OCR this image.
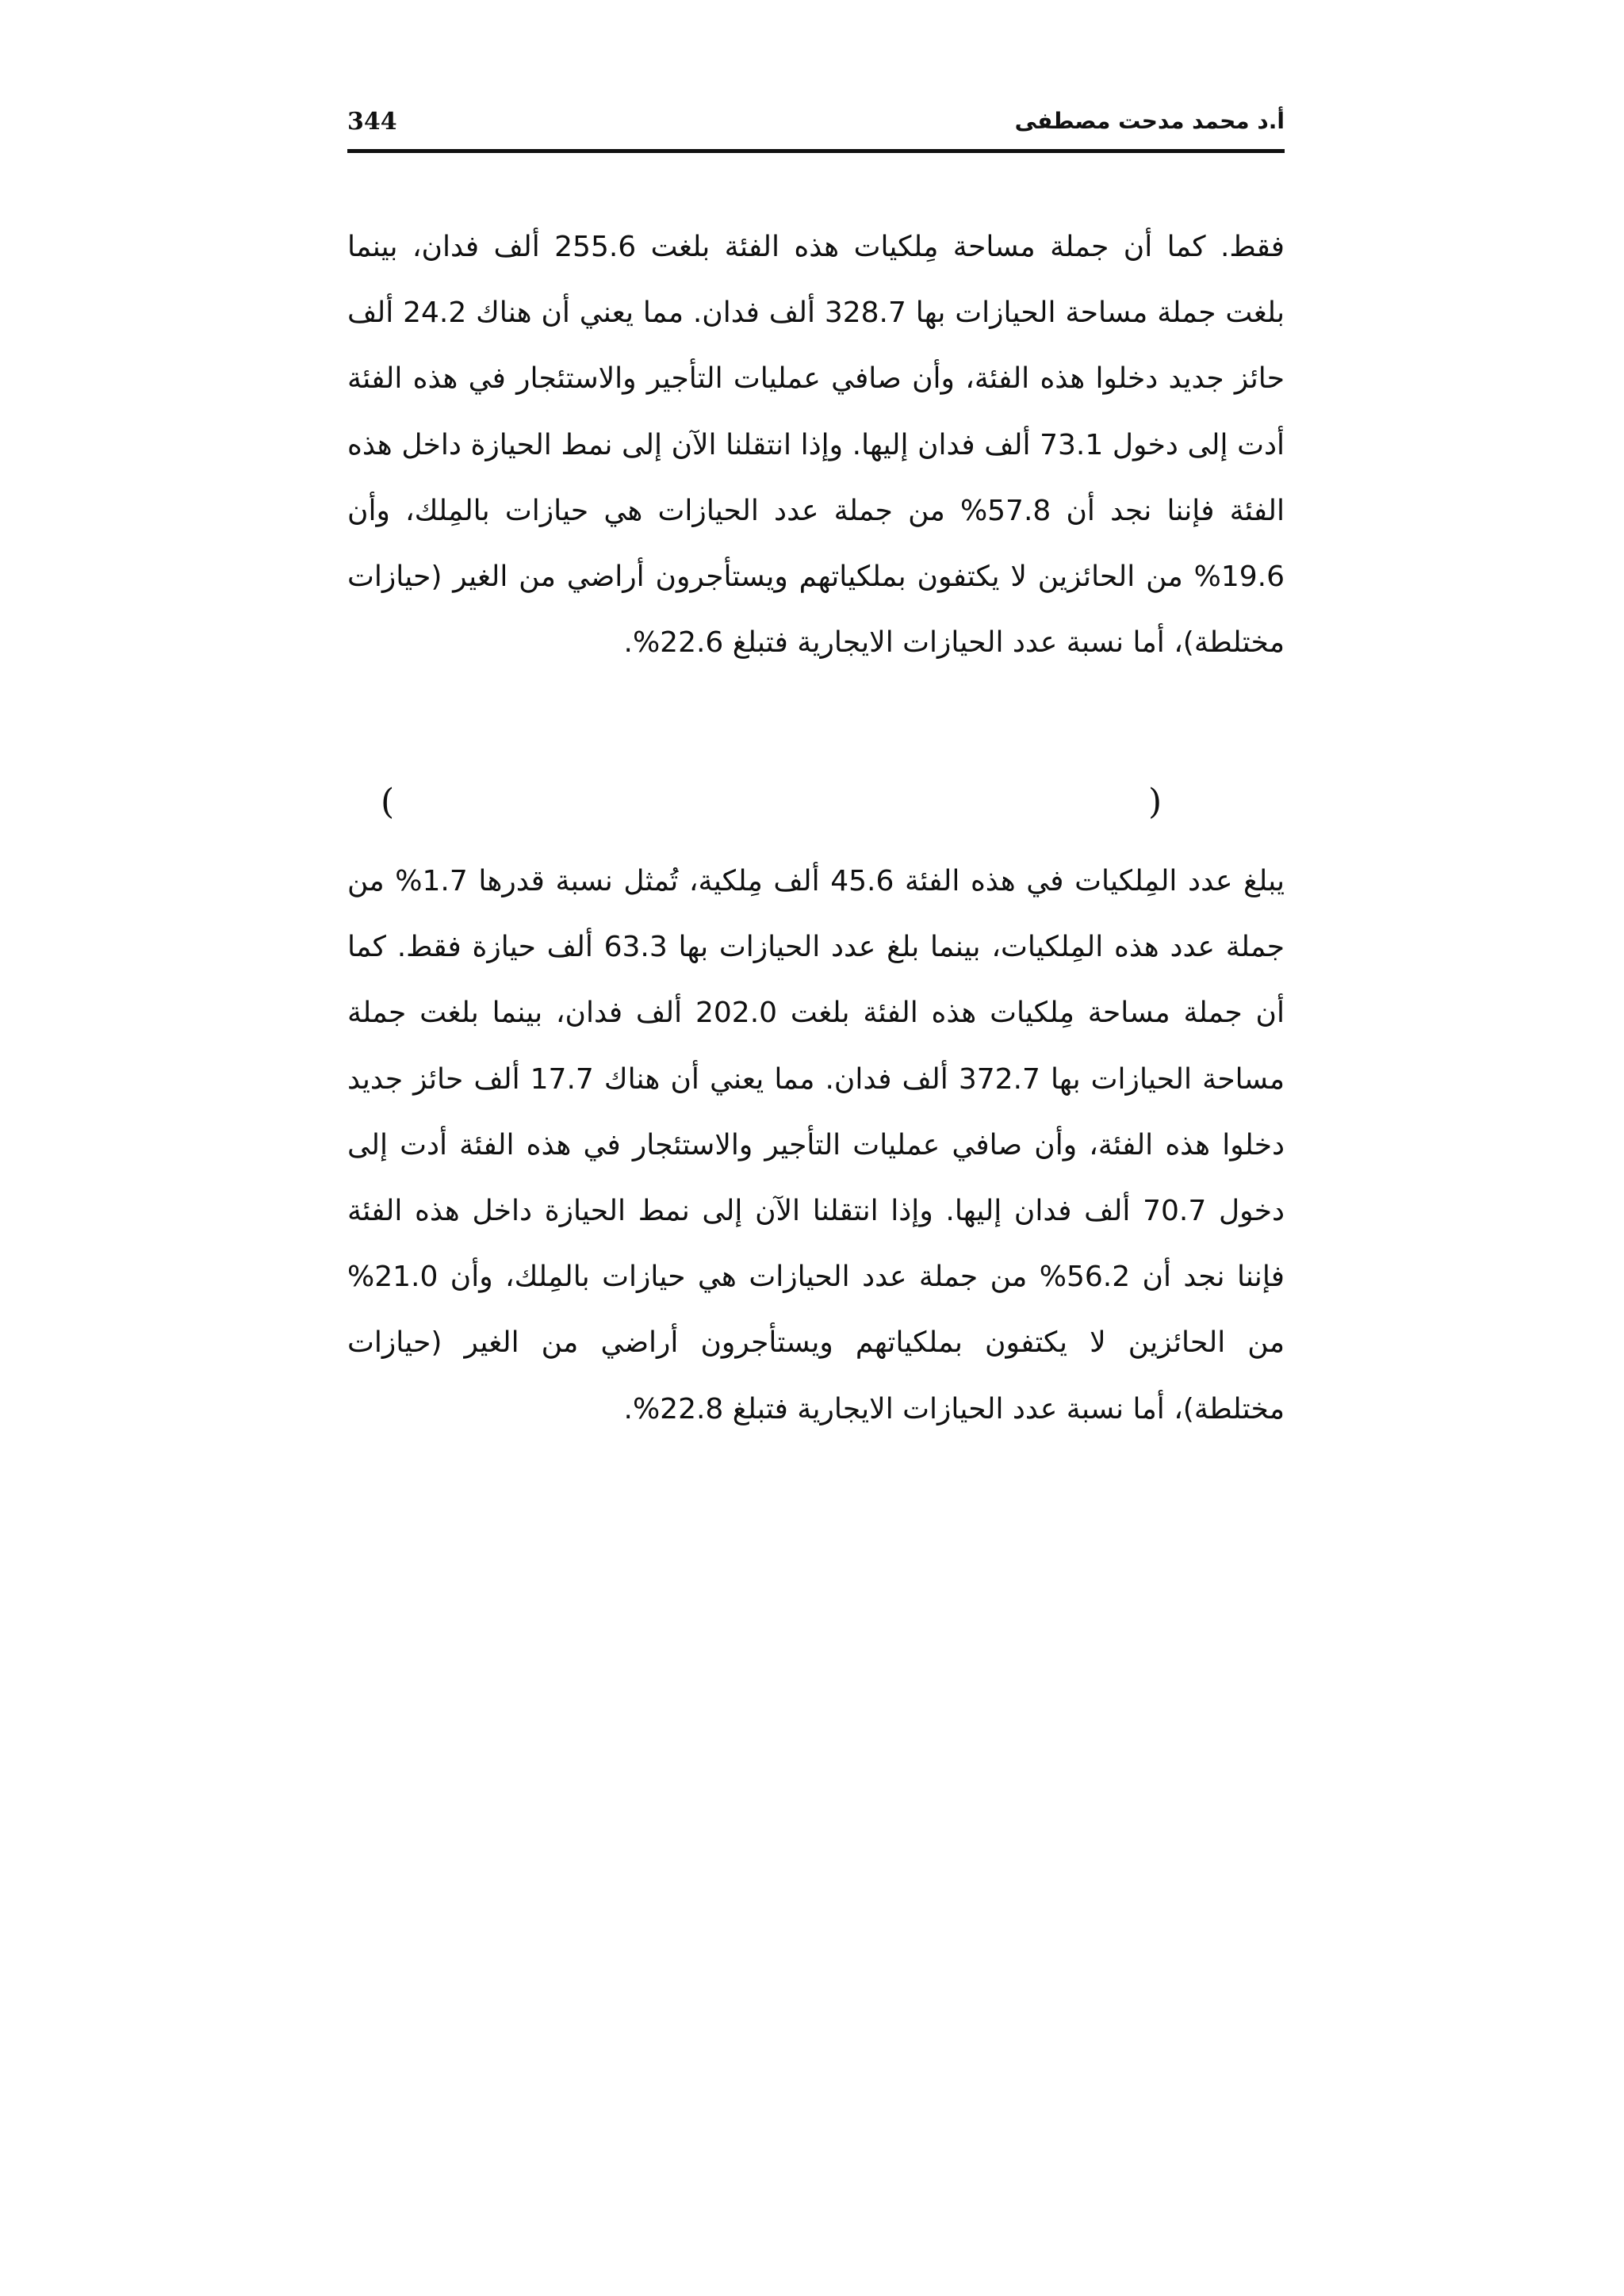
344	أ.د محمد مدحت مصطفى

فقط. كما أن جملة مساحة مِلكيات هذه الفئة بلغت 255.6 ألف فدان، بينما بلغت جملة مساحة الحيازات بها 328.7 ألف فدان. مما يعني أن هناك 24.2 ألف حائز جديد دخلوا هذه الفئة، وأن صافي عمليات التأجير والاستئجار في هذه الفئة أدت إلى دخول 73.1 ألف فدان إليها. وإذا انتقلنا الآن إلى نمط الحيازة داخل هذه الفئة فإننا نجد أن 57.8% من جملة عدد الحيازات هي حيازات بالمِلك، وأن 19.6% من الحائزين لا يكتفون بملكياتهم ويستأجرون أراضي من الغير (حيازات مختلطة)، أما نسبة عدد الحيازات الايجارية فتبلغ 22.6%.

(	)

يبلغ عدد المِلكيات في هذه الفئة 45.6 ألف مِلكية، تُمثل نسبة قدرها 1.7% من جملة عدد هذه المِلكيات، بينما بلغ عدد الحيازات بها 63.3 ألف حيازة فقط. كما أن جملة مساحة مِلكيات هذه الفئة بلغت 202.0 ألف فدان، بينما بلغت جملة مساحة الحيازات بها 372.7 ألف فدان. مما يعني أن هناك 17.7 ألف حائز جديد دخلوا هذه الفئة، وأن صافي عمليات التأجير والاستئجار في هذه الفئة أدت إلى دخول 70.7 ألف فدان إليها. وإذا انتقلنا الآن إلى نمط الحيازة داخل هذه الفئة فإننا نجد أن 56.2% من جملة عدد الحيازات هي حيازات بالمِلك، وأن 21.0% من الحائزين لا يكتفون بملكياتهم ويستأجرون أراضي من الغير (حيازات مختلطة)، أما نسبة عدد الحيازات الايجارية فتبلغ 22.8%.
